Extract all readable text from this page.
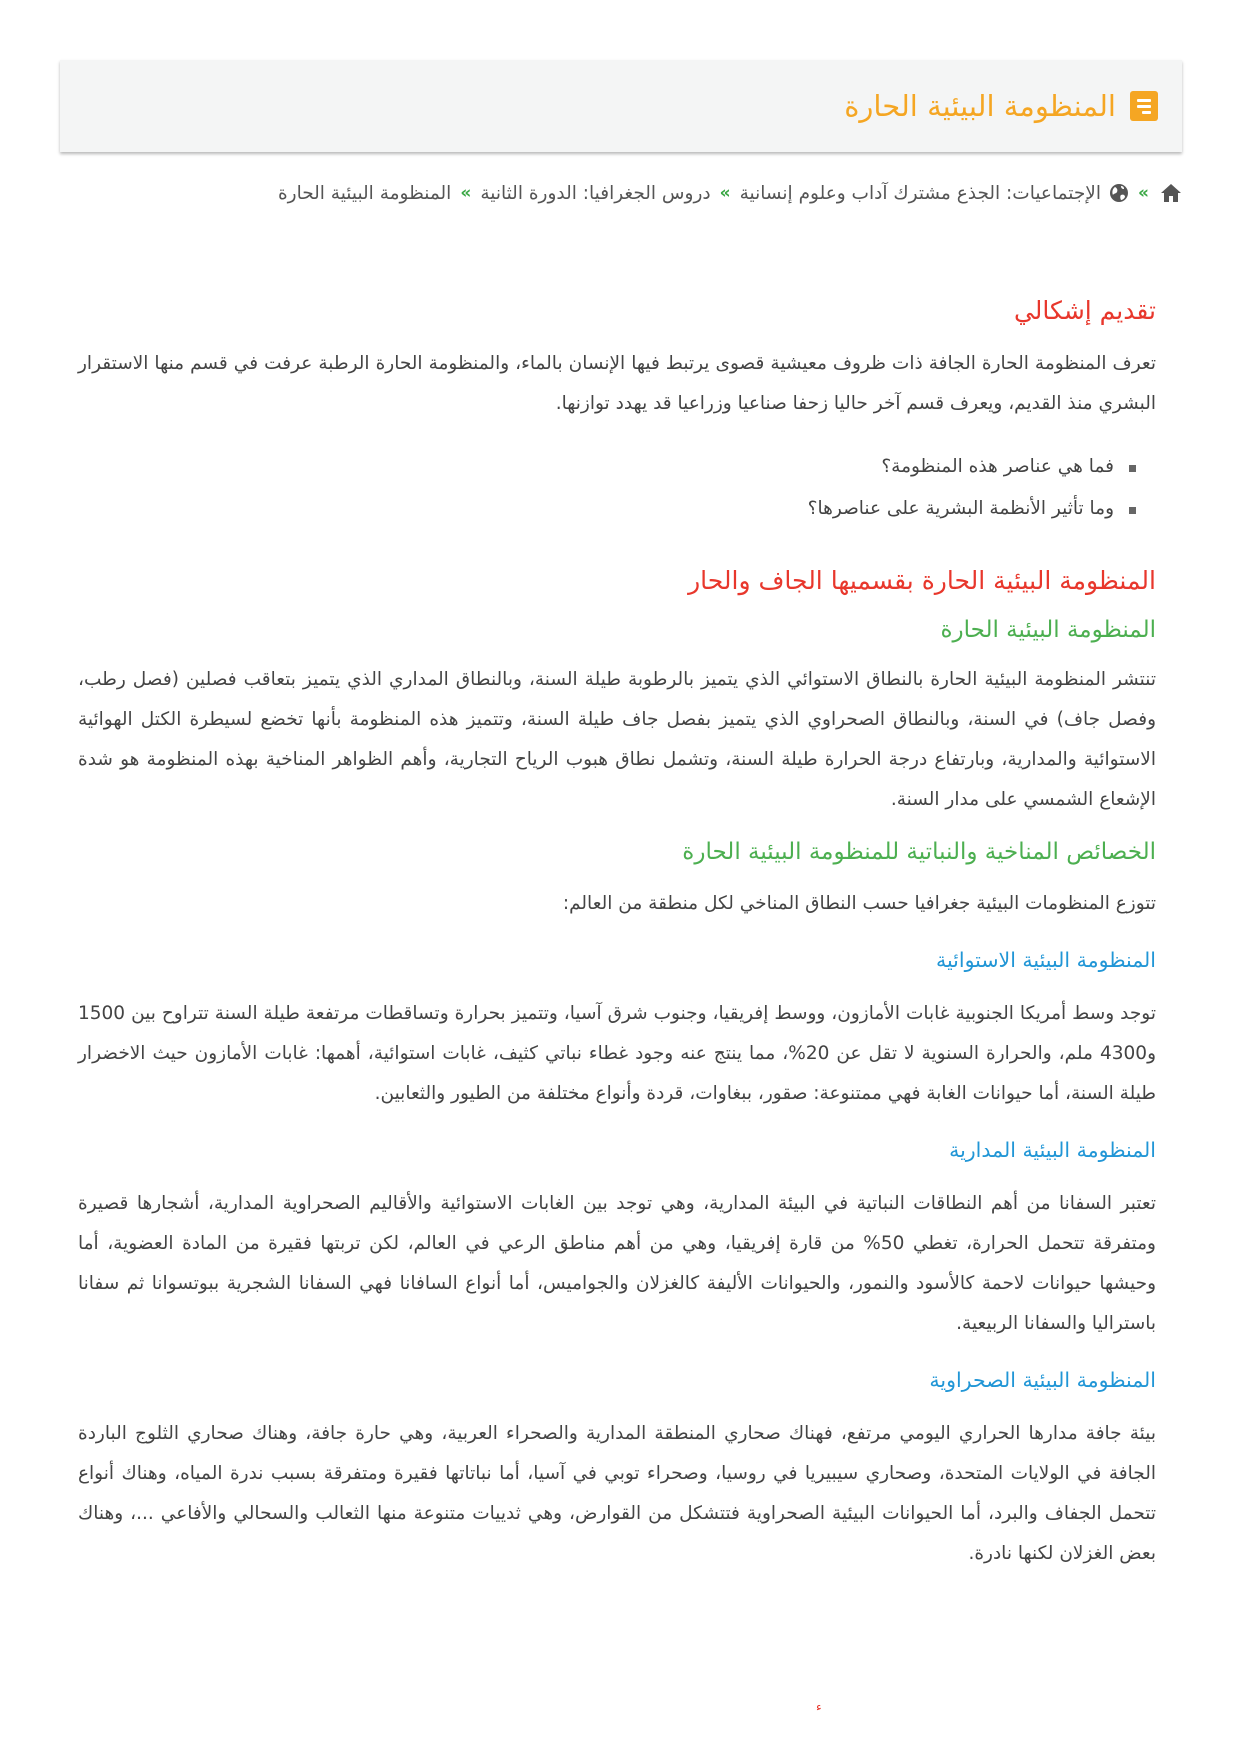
المنظومة البيئية الحارة
»
الإجتماعيات: الجذع مشترك آداب وعلوم إنسانية
»
دروس الجغرافيا: الدورة الثانية
»
المنظومة البيئية الحارة
تقديم إشكالي

تعرف المنظومة الحارة الجافة ذات ظروف معيشية قصوى يرتبط فيها الإنسان بالماء، والمنظومة الحارة الرطبة عرفت في قسم منها الاستقرار البشري منذ القديم، ويعرف قسم آخر حاليا زحفا صناعيا وزراعيا قد يهدد توازنها.

فما هي عناصر هذه المنظومة؟
وما تأثير الأنظمة البشرية على عناصرها؟
المنظومة البيئية الحارة بقسميها الجاف والحار
المنظومة البيئية الحارة

تنتشر المنظومة البيئية الحارة بالنطاق الاستوائي الذي يتميز بالرطوبة طيلة السنة، وبالنطاق المداري الذي يتميز بتعاقب فصلين (فصل رطب، وفصل جاف) في السنة، وبالنطاق الصحراوي الذي يتميز بفصل جاف طيلة السنة، وتتميز هذه المنظومة بأنها تخضع لسيطرة الكتل الهوائية الاستوائية والمدارية، وبارتفاع درجة الحرارة طيلة السنة، وتشمل نطاق هبوب الرياح التجارية، وأهم الظواهر المناخية بهذه المنظومة هو شدة الإشعاع الشمسي على مدار السنة.

الخصائص المناخية والنباتية للمنظومة البيئية الحارة

تتوزع المنظومات البيئية جغرافيا حسب النطاق المناخي لكل منطقة من العالم:

المنظومة البيئية الاستوائية

توجد وسط أمريكا الجنوبية غابات الأمازون، ووسط إفريقيا، وجنوب شرق آسيا، وتتميز بحرارة وتساقطات مرتفعة طيلة السنة تتراوح بين 1500 و4300 ملم، والحرارة السنوية لا تقل عن 20%، مما ينتج عنه وجود غطاء نباتي كثيف، غابات استوائية، أهمها: غابات الأمازون حيث الاخضرار طيلة السنة، أما حيوانات الغابة فهي ممتنوعة: صقور، ببغاوات، قردة وأنواع مختلفة من الطيور والثعابين.

المنظومة البيئية المدارية

تعتبر السفانا من أهم النطاقات النباتية في البيئة المدارية، وهي توجد بين الغابات الاستوائية والأقاليم الصحراوية المدارية، أشجارها قصيرة ومتفرقة تتحمل الحرارة، تغطي 50% من قارة إفريقيا، وهي من أهم مناطق الرعي في العالم، لكن تربتها فقيرة من المادة العضوية، أما وحيشها حيوانات لاحمة كالأسود والنمور، والحيوانات الأليفة كالغزلان والجواميس، أما أنواع السافانا فهي السفانا الشجرية ببوتسوانا ثم سفانا باستراليا والسفانا الربيعية.

المنظومة البيئية الصحراوية

بيئة جافة مدارها الحراري اليومي مرتفع، فهناك صحاري المنطقة المدارية والصحراء العربية، وهي حارة جافة، وهناك صحاري الثلوج الباردة الجافة في الولايات المتحدة، وصحاري سيبيريا في روسيا، وصحراء توبي في آسيا، أما نباتاتها فقيرة ومتفرقة بسبب ندرة المياه، وهناك أنواع تتحمل الجفاف والبرد، أما الحيوانات البيئية الصحراوية فتتشكل من القوارض، وهي ثدييات متنوعة منها الثعالب والسحالي والأفاعي ...، وهناك بعض الغزلان لكنها نادرة.

ء
